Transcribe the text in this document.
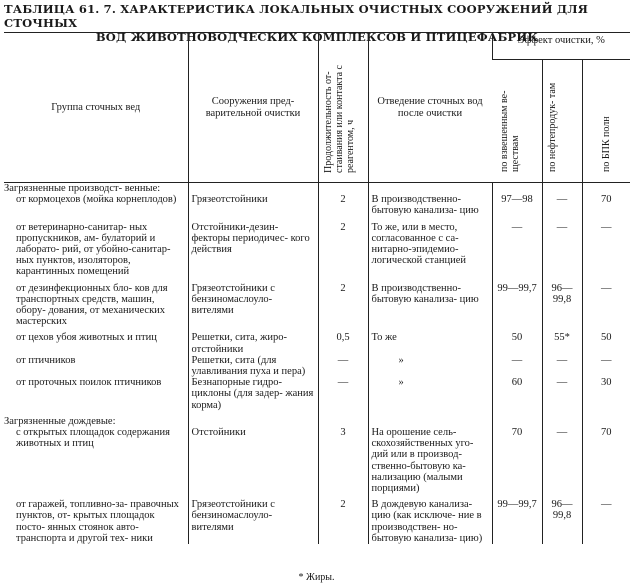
ТАБЛИЦА 61. 7. ХАРАКТЕРИСТИКА ЛОКАЛЬНЫХ ОЧИСТНЫХ СООРУЖЕНИЙ ДЛЯ СТОЧНЫХ
ВОД ЖИВОТНОВОДЧЕСКИХ КОМПЛЕКСОВ И ПТИЦЕФАБРИК
Группа сточных вед	Сооружения пред- варительной очистки	Продолжительность от- стаивания или контакта с реагентом, ч	Отведение сточных вод после очистки	Эффект очистки, %		

				по взвешенным ве- ществам	по нефтепродук- там	по БПК полн

Загрязненные производст- венные:						
от кормоцехов (мойка корнеплодов)	Грязеотстойники	2	В производственно- бытовую канализа- цию	97—98	—	70
от ветеринарно-санитар- ных пропускников, ам- булаторий и лаборато- рий, от убойно-санитар- ных пунктов, изоляторов, карантинных помещений	Отстойники-дезин- фекторы периодичес- кого действия	2	То же, или в место, согласованное с са- нитарно-эпидемио- логической станцией	—	—	—
от дезинфекционных бло- ков для транспортных средств, машин, обору- дования, от механических мастерских	Грязеотстойники с бензиномаслоуло- вителями	2	В производственно- бытовую канализа- цию	99—99,7	96—99,8	—
от цехов убоя животных и птиц	Решетки, сита, жиро- отстойники	0,5	То же	50	55*	50
от птичников	Решетки, сита (для улавливания пуха и пера)	—	»	—	—	—
от проточных поилок птичников	Безнапорные гидро- циклоны (для задер- жания корма)	—	»	60	—	30
Загрязненные дождевые:						
с открытых площадок содержания животных и птиц	Отстойники	3	На орошение сель- скохозяйственных уго- дий или в производ- ственно-бытовую ка- нализацию (малыми порциями)	70	—	70
от гаражей, топливно-за- правочных пунктов, от- крытых площадок посто- янных стоянок авто- транспорта и другой тех- ники	Грязеотстойники с бензиномаслоуло- вителями	2	В дождевую канализа- цию (как исключе- ние в производствен- но-бытовую канализа- цию)	99—99,7	96—99,8	—
* Жиры.
